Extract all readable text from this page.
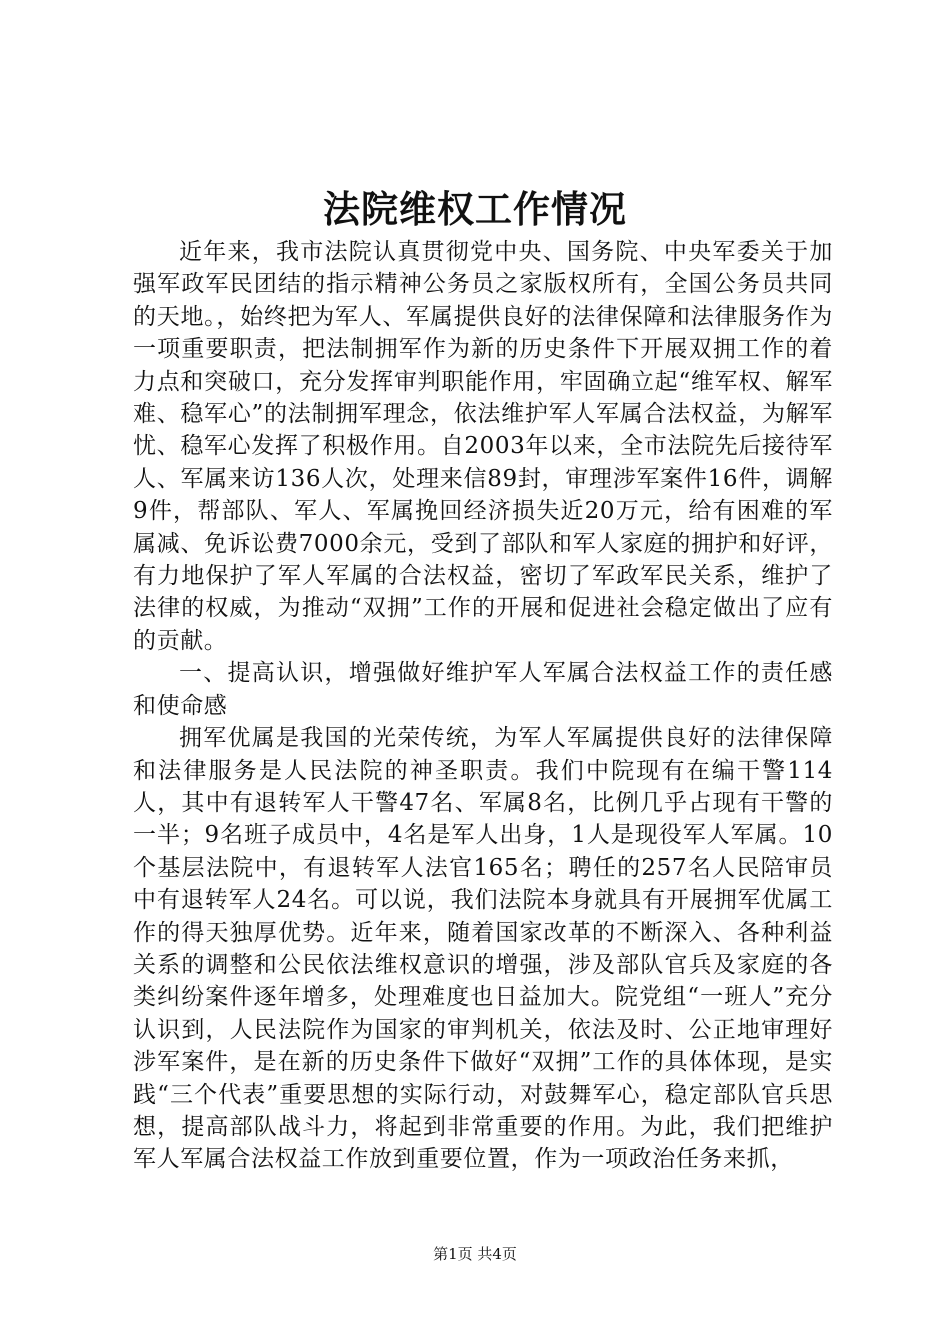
法院维权工作情况

近年来，我市法院认真贯彻党中央、国务院、中央军委关于加强军政军民团结的指示精神公务员之家版权所有，全国公务员共同的天地。，始终把为军人、军属提供良好的法律保障和法律服务作为一项重要职责，把法制拥军作为新的历史条件下开展双拥工作的着力点和突破口，充分发挥审判职能作用，牢固确立起“维军权、解军难、稳军心”的法制拥军理念，依法维护军人军属合法权益，为解军忧、稳军心发挥了积极作用。自2003年以来，全市法院先后接待军人、军属来访136人次，处理来信89封，审理涉军案件16件，调解9件，帮部队、军人、军属挽回经济损失近20万元，给有困难的军属减、免诉讼费7000余元，受到了部队和军人家庭的拥护和好评，有力地保护了军人军属的合法权益，密切了军政军民关系，维护了法律的权威，为推动“双拥”工作的开展和促进社会稳定做出了应有的贡献。

一、提高认识，增强做好维护军人军属合法权益工作的责任感和使命感

拥军优属是我国的光荣传统，为军人军属提供良好的法律保障和法律服务是人民法院的神圣职责。我们中院现有在编干警114人，其中有退转军人干警47名、军属8名，比例几乎占现有干警的一半；9名班子成员中，4名是军人出身，1人是现役军人军属。10个基层法院中，有退转军人法官165名；聘任的257名人民陪审员中有退转军人24名。可以说，我们法院本身就具有开展拥军优属工作的得天独厚优势。近年来，随着国家改革的不断深入、各种利益关系的调整和公民依法维权意识的增强，涉及部队官兵及家庭的各类纠纷案件逐年增多，处理难度也日益加大。院党组“一班人”充分认识到，人民法院作为国家的审判机关，依法及时、公正地审理好涉军案件，是在新的历史条件下做好“双拥”工作的具体体现，是实践“三个代表”重要思想的实际行动，对鼓舞军心，稳定部队官兵思想，提高部队战斗力，将起到非常重要的作用。为此，我们把维护军人军属合法权益工作放到重要位置，作为一项政治任务来抓，

第1页 共4页
